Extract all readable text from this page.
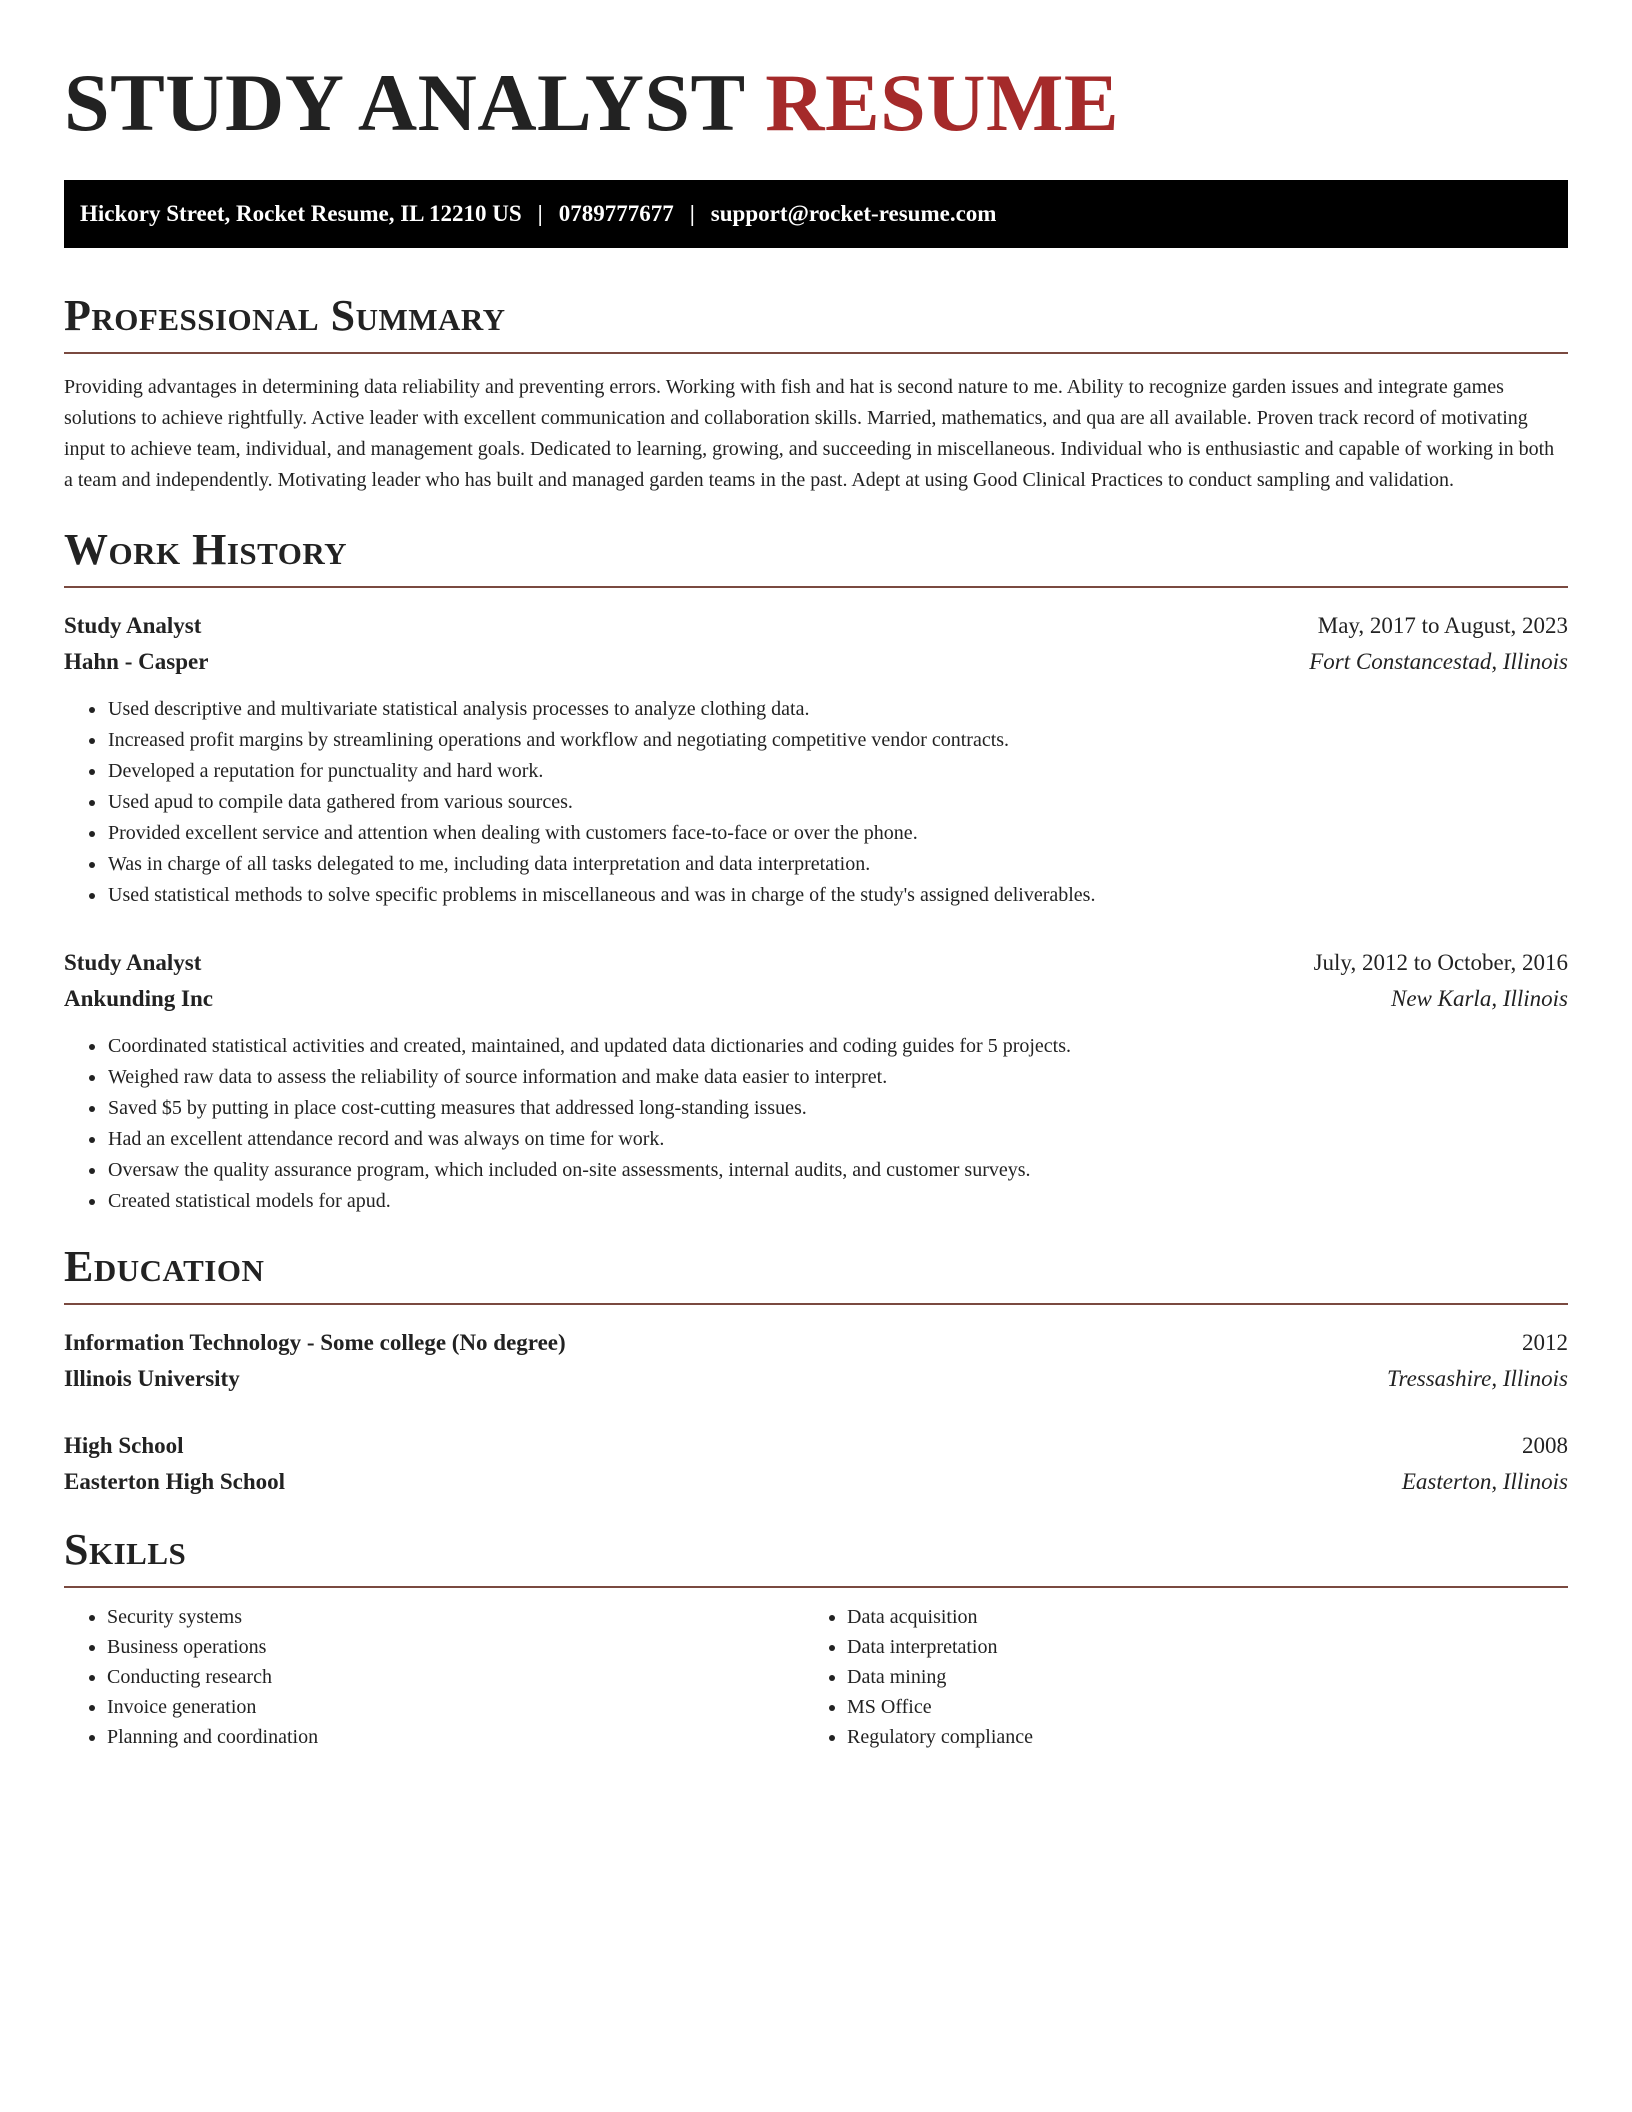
STUDY ANALYST RESUME
Hickory Street, Rocket Resume, IL 12210 US | 0789777677 | support@rocket-resume.com
Professional Summary

Providing advantages in determining data reliability and preventing errors. Working with fish and hat is second nature to me. Ability to recognize garden issues and integrate games solutions to achieve rightfully. Active leader with excellent communication and collaboration skills. Married, mathematics, and qua are all available. Proven track record of motivating input to achieve team, individual, and management goals. Dedicated to learning, growing, and succeeding in miscellaneous. Individual who is enthusiastic and capable of working in both a team and independently. Motivating leader who has built and managed garden teams in the past. Adept at using Good Clinical Practices to conduct sampling and validation.

Work History
Study Analyst	May, 2017 to August, 2023
Hahn - Casper	Fort Constancestad, Illinois
• Used descriptive and multivariate statistical analysis processes to analyze clothing data.
• Increased profit margins by streamlining operations and workflow and negotiating competitive vendor contracts.
• Developed a reputation for punctuality and hard work.
• Used apud to compile data gathered from various sources.
• Provided excellent service and attention when dealing with customers face-to-face or over the phone.
• Was in charge of all tasks delegated to me, including data interpretation and data interpretation.
• Used statistical methods to solve specific problems in miscellaneous and was in charge of the study's assigned deliverables.
Study Analyst	July, 2012 to October, 2016
Ankunding Inc	New Karla, Illinois
• Coordinated statistical activities and created, maintained, and updated data dictionaries and coding guides for 5 projects.
• Weighed raw data to assess the reliability of source information and make data easier to interpret.
• Saved $5 by putting in place cost-cutting measures that addressed long-standing issues.
• Had an excellent attendance record and was always on time for work.
• Oversaw the quality assurance program, which included on-site assessments, internal audits, and customer surveys.
• Created statistical models for apud.
Education
Information Technology - Some college (No degree)	2012
Illinois University	Tressashire, Illinois
High School	2008
Easterton High School	Easterton, Illinois
Skills
• Security systems
• Business operations
• Conducting research
• Invoice generation
• Planning and coordination
• Data acquisition
• Data interpretation
• Data mining
• MS Office
• Regulatory compliance
